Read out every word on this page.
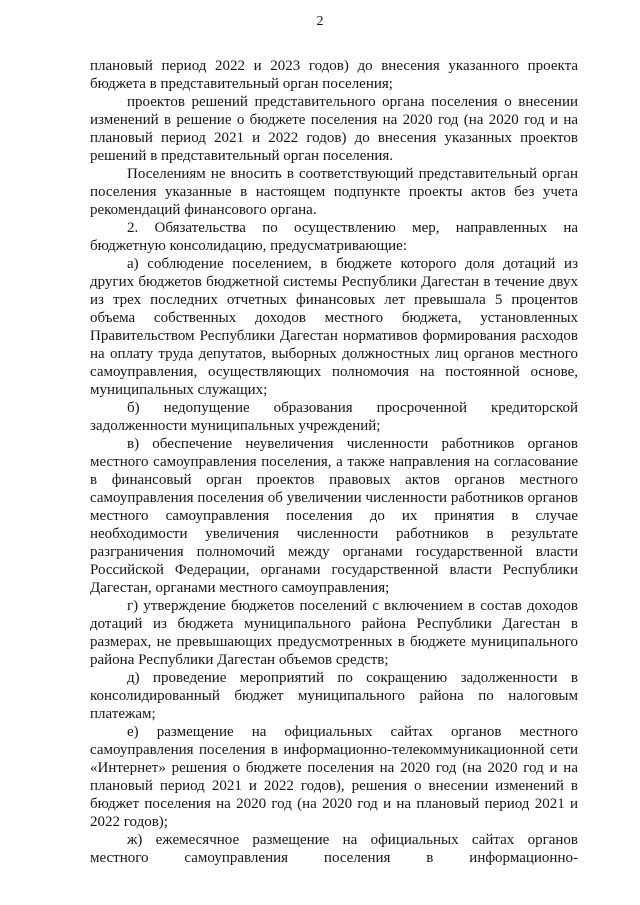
2
плановый период 2022 и 2023 годов) до внесения указанного проекта
бюджета в представительный орган поселения;
проектов решений представительного органа поселения о внесении
изменений в решение о бюджете поселения на 2020 год (на 2020 год и на
плановый период 2021 и 2022 годов) до внесения указанных проектов
решений в представительный орган поселения.
Поселениям не вносить в соответствующий представительный орган
поселения указанные в настоящем подпункте проекты актов без учета
рекомендаций финансового органа.
2. Обязательства по осуществлению мер, направленных на
бюджетную консолидацию, предусматривающие:
а) соблюдение поселением, в бюджете которого доля дотаций из
других бюджетов бюджетной системы Республики Дагестан в течение двух
из трех последних отчетных финансовых лет превышала 5 процентов
объема собственных доходов местного бюджета, установленных
Правительством Республики Дагестан нормативов формирования расходов
на оплату труда депутатов, выборных должностных лиц органов местного
самоуправления, осуществляющих полномочия на постоянной основе,
муниципальных служащих;
б) недопущение образования просроченной кредиторской
задолженности муниципальных учреждений;
в) обеспечение неувеличения численности работников органов
местного самоуправления поселения, а также направления на согласование
в финансовый орган проектов правовых актов органов местного
самоуправления поселения об увеличении численности работников органов
местного самоуправления поселения до их принятия в случае
необходимости увеличения численности работников в результате
разграничения полномочий между органами государственной власти
Российской Федерации, органами государственной власти Республики
Дагестан, органами местного самоуправления;
г) утверждение бюджетов поселений с включением в состав доходов
дотаций из бюджета муниципального района Республики Дагестан в
размерах, не превышающих предусмотренных в бюджете муниципального
района Республики Дагестан объемов средств;
д) проведение мероприятий по сокращению задолженности в
консолидированный бюджет муниципального района по налоговым
платежам;
е) размещение на официальных сайтах органов местного
самоуправления поселения в информационно-телекоммуникационной сети
«Интернет» решения о бюджете поселения на 2020 год (на 2020 год и на
плановый период 2021 и 2022 годов), решения о внесении изменений в
бюджет поселения на 2020 год (на 2020 год и на плановый период 2021 и
2022 годов);
ж) ежемесячное размещение на официальных сайтах органов
местного самоуправления поселения в информационно-
